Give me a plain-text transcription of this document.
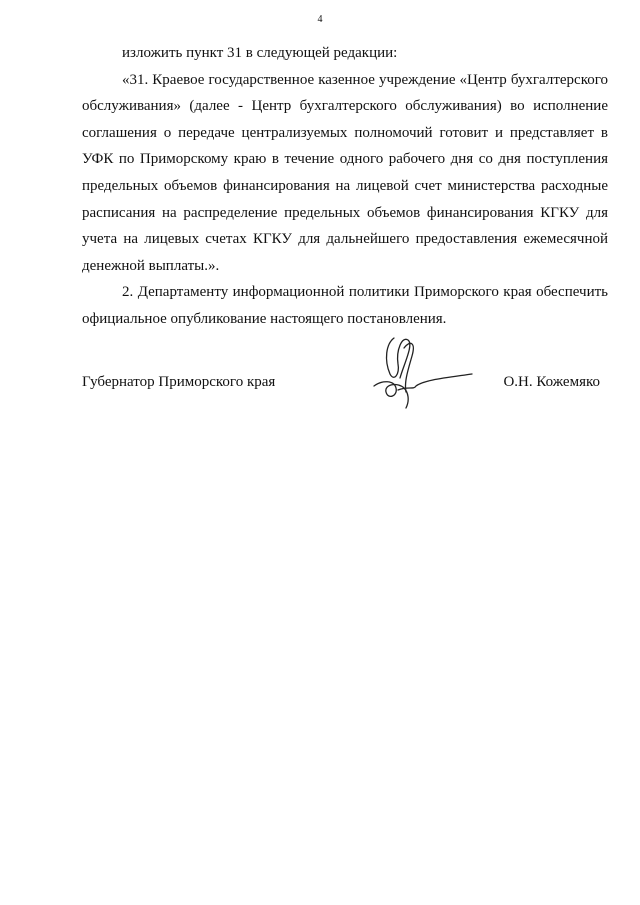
4

изложить пункт 31 в следующей редакции:

«31. Краевое государственное казенное учреждение «Центр бухгалтерского обслуживания» (далее - Центр бухгалтерского обслуживания) во исполнение соглашения о передаче централизуемых полномочий готовит и представляет в УФК по Приморскому краю в течение одного рабочего дня со дня поступления предельных объемов финансирования на лицевой счет министерства расходные расписания на распределение предельных объемов финансирования КГКУ для учета на лицевых счетах КГКУ для дальнейшего предоставления ежемесячной денежной выплаты.».

2. Департаменту информационной политики Приморского края обеспечить официальное опубликование настоящего постановления.

Губернатор Приморского края	О.Н. Кожемяко
